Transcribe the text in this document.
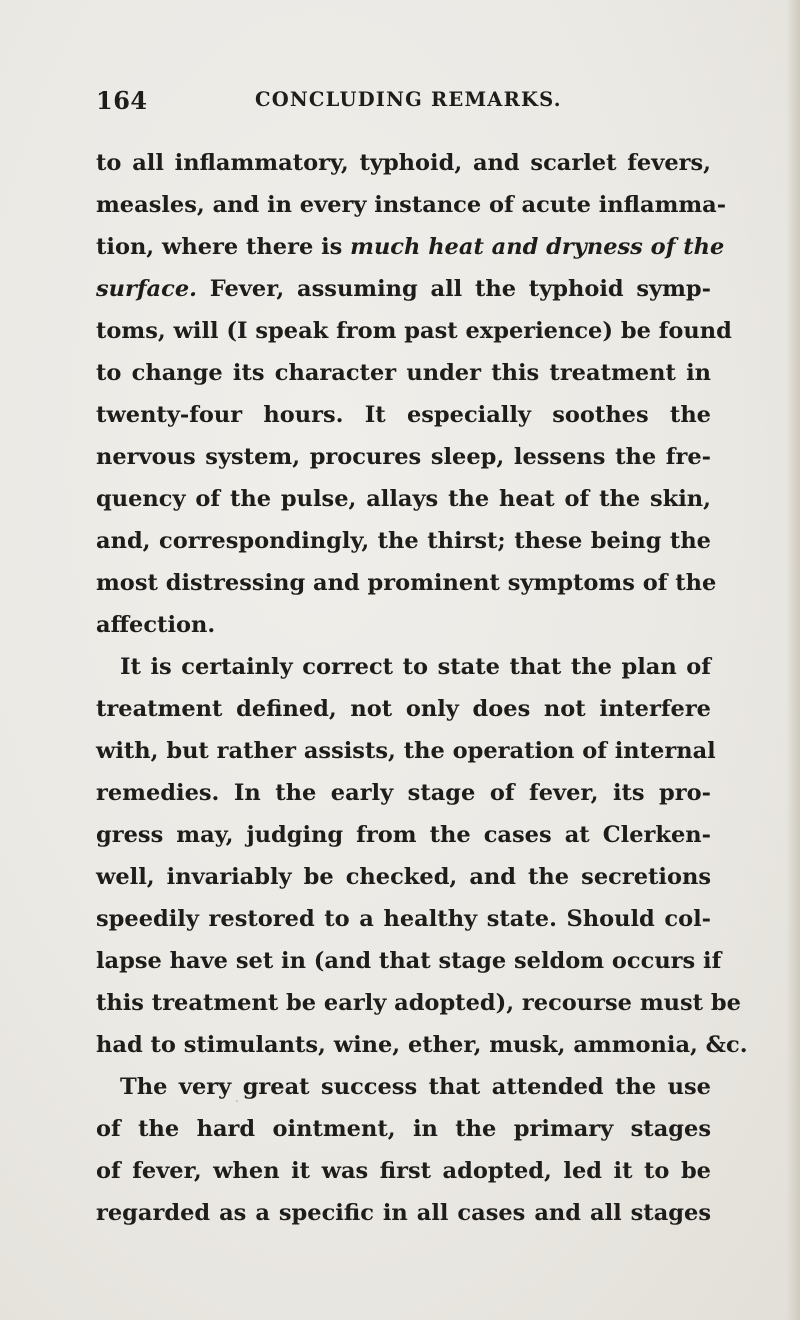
164	CONCLUDING REMARKS.
to all inflammatory, typhoid, and scarlet fevers,
measles, and in every instance of acute inflamma-
tion, where there is much heat and dryness of the
surface. Fever, assuming all the typhoid symp-
toms, will (I speak from past experience) be found
to change its character under this treatment in
twenty-four hours. It especially soothes the
nervous system, procures sleep, lessens the fre-
quency of the pulse, allays the heat of the skin,
and, correspondingly, the thirst; these being the
most distressing and prominent symptoms of the
affection.
It is certainly correct to state that the plan of
treatment defined, not only does not interfere
with, but rather assists, the operation of internal
remedies. In the early stage of fever, its pro-
gress may, judging from the cases at Clerken-
well, invariably be checked, and the secretions
speedily restored to a healthy state. Should col-
lapse have set in (and that stage seldom occurs if
this treatment be early adopted), recourse must be
had to stimulants, wine, ether, musk, ammonia, &c.
The very great success that attended the use
of the hard ointment, in the primary stages
of fever, when it was first adopted, led it to be
regarded as a specific in all cases and all stages
